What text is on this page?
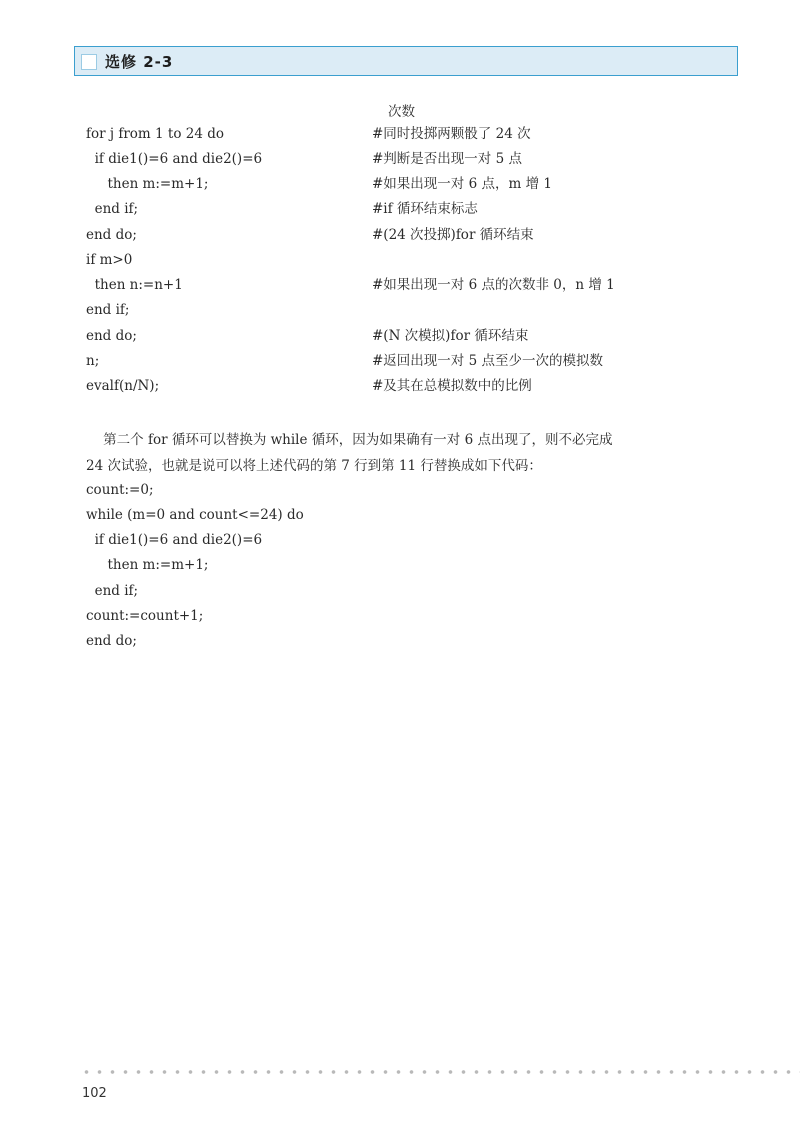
选修 2-3
次数
for j from 1 to 24 do	#同时投掷两颗骰了 24 次
if die1()=6 and die2()=6	#判断是否出现一对 5 点
then m:=m+1;	#如果出现一对 6 点，m 增 1
end if;	#if 循环结束标志
end do;	#(24 次投掷)for 循环结束
if m>0
then n:=n+1	#如果出现一对 6 点的次数非 0，n 增 1
end if;
end do;	#(N 次模拟)for 循环结束
n;	#返回出现一对 5 点至少一次的模拟数
evalf(n/N);	#及其在总模拟数中的比例
第二个 for 循环可以替换为 while 循环，因为如果确有一对 6 点出现了，则不必完成
24 次试验，也就是说可以将上述代码的第 7 行到第 11 行替换成如下代码：
count:=0;
while (m=0 and count<=24) do
if die1()=6 and die2()=6
then m:=m+1;
end if;
count:=count+1;
end do;
102
